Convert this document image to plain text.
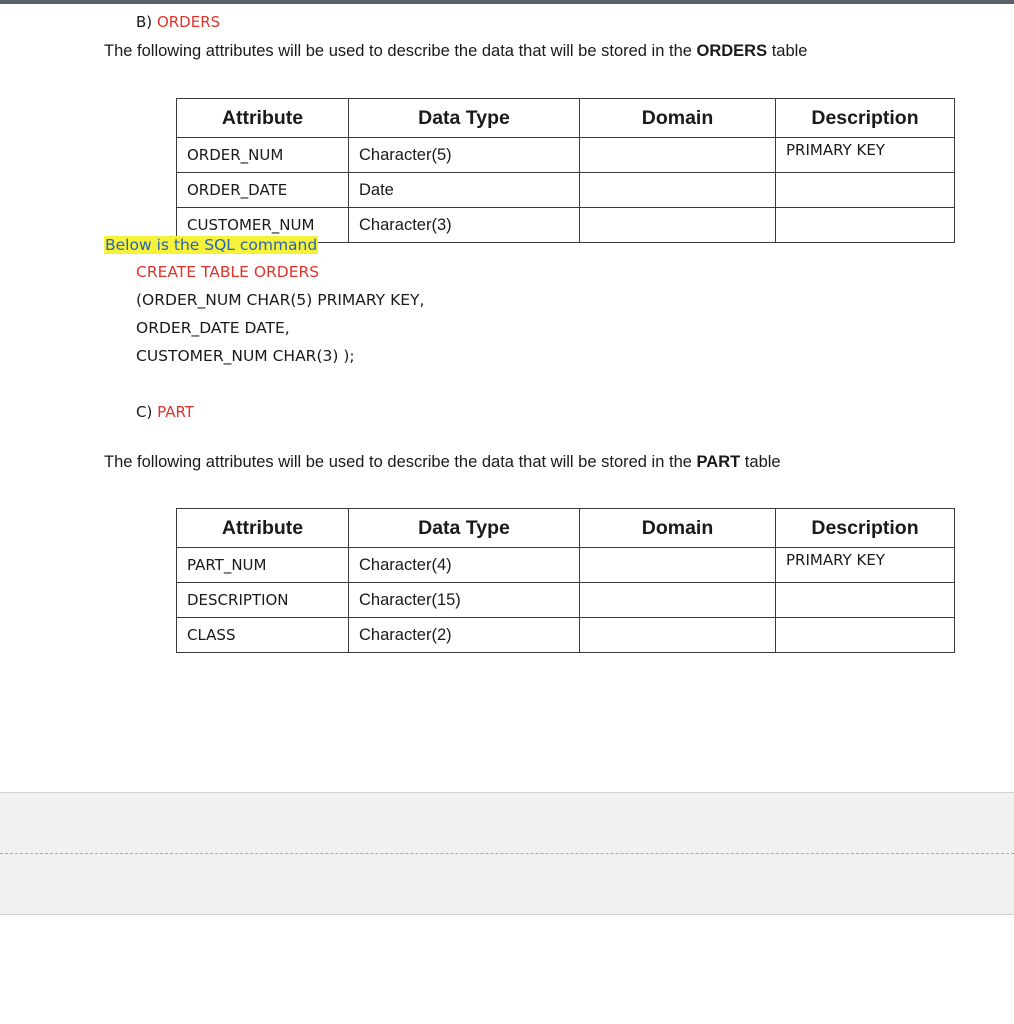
B) ORDERS
The following attributes will be used to describe the data that will be stored in the ORDERS table
Attribute	Data Type	Domain	Description
ORDER_NUM	Character(5)		PRIMARY KEY
ORDER_DATE	Date		
CUSTOMER_NUM	Character(3)		
Below is the SQL command
CREATE TABLE ORDERS
(ORDER_NUM CHAR(5) PRIMARY KEY,
ORDER_DATE DATE,
CUSTOMER_NUM CHAR(3) );
C) PART
The following attributes will be used to describe the data that will be stored in the PART table
Attribute	Data Type	Domain	Description
PART_NUM	Character(4)		PRIMARY KEY
DESCRIPTION	Character(15)		
CLASS	Character(2)		
